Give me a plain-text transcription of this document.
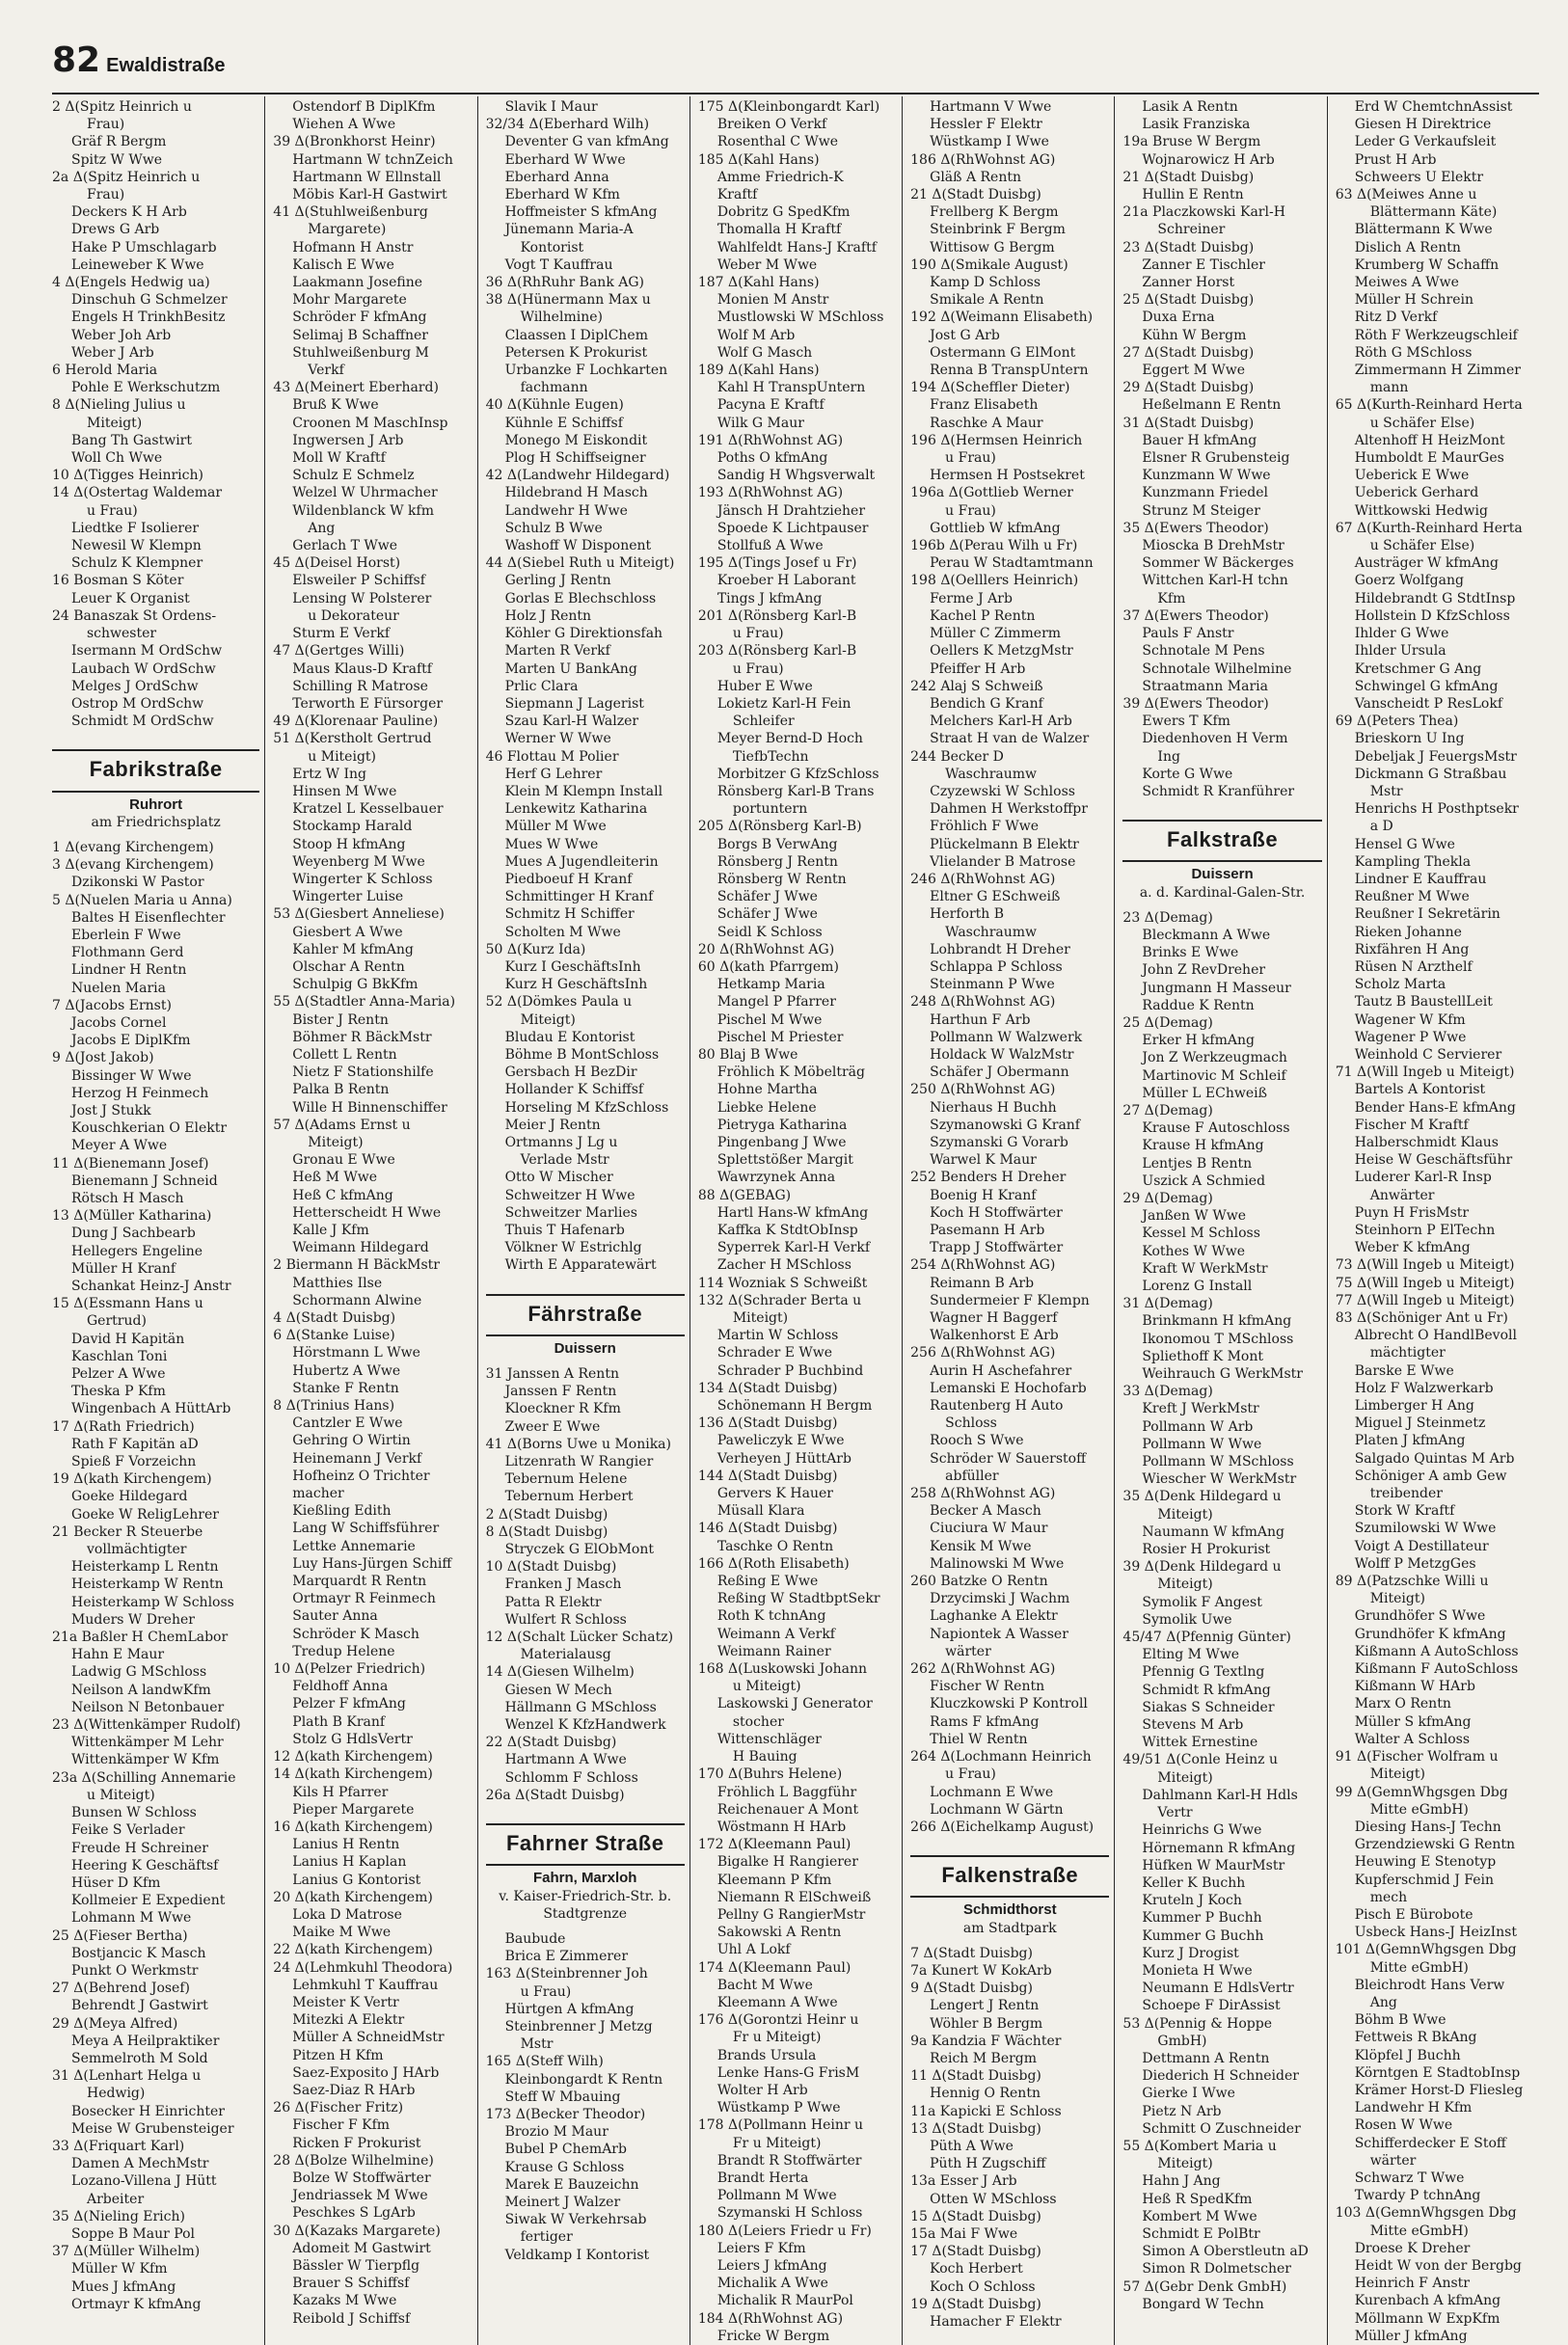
82 Ewaldistraße
2 Δ(Spitz Heinrich u
Frau)
Gräf R Bergm
Spitz W Wwe
2a Δ(Spitz Heinrich u
Frau)
Deckers K H Arb
Drews G Arb
Hake P Umschlagarb
Leineweber K Wwe
4 Δ(Engels Hedwig ua)
Dinschuh G Schmelzer
Engels H TrinkhBesitz
Weber Joh Arb
Weber J Arb
6 Herold Maria
Pohle E Werkschutzm
8 Δ(Nieling Julius u
Miteigt)
Bang Th Gastwirt
Woll Ch Wwe
10 Δ(Tigges Heinrich)
14 Δ(Ostertag Waldemar
u Frau)
Liedtke F Isolierer
Newesil W Klempn
Schulz K Klempner
16 Bosman S Köter
Leuer K Organist
24 Banaszak St Ordens-
schwester
Isermann M OrdSchw
Laubach W OrdSchw
Melges J OrdSchw
Ostrop M OrdSchw
Schmidt M OrdSchw
Fabrikstraße
Ruhrort
am Friedrichsplatz
1 Δ(evang Kirchengem)
3 Δ(evang Kirchengem)
Dzikonski W Pastor
5 Δ(Nuelen Maria u Anna)
Baltes H Eisenflechter
Eberlein F Wwe
Flothmann Gerd
Lindner H Rentn
Nuelen Maria
7 Δ(Jacobs Ernst)
Jacobs Cornel
Jacobs E DiplKfm
9 Δ(Jost Jakob)
Bissinger W Wwe
Herzog H Feinmech
Jost J Stukk
Kouschkerian O Elektr
Meyer A Wwe
11 Δ(Bienemann Josef)
Bienemann J Schneid
Rötsch H Masch
13 Δ(Müller Katharina)
Dung J Sachbearb
Hellegers Engeline
Müller H Kranf
Schankat Heinz-J Anstr
15 Δ(Essmann Hans u
Gertrud)
David H Kapitän
Kaschlan Toni
Pelzer A Wwe
Theska P Kfm
Wingenbach A HüttArb
17 Δ(Rath Friedrich)
Rath F Kapitän aD
Spieß F Vorzeichn
19 Δ(kath Kirchengem)
Goeke Hildegard
Goeke W ReligLehrer
21 Becker R Steuerbe
vollmächtigter
Heisterkamp L Rentn
Heisterkamp W Rentn
Heisterkamp W Schloss
Muders W Dreher
21a Baßler H ChemLabor
Hahn E Maur
Ladwig G MSchloss
Neilson A landwKfm
Neilson N Betonbauer
23 Δ(Wittenkämper Rudolf)
Wittenkämper M Lehr
Wittenkämper W Kfm
23a Δ(Schilling Annemarie
u Miteigt)
Bunsen W Schloss
Feike S Verlader
Freude H Schreiner
Heering K Geschäftsf
Hüser D Kfm
Kollmeier E Expedient
Lohmann M Wwe
25 Δ(Fieser Bertha)
Bostjancic K Masch
Punkt O Werkmstr
27 Δ(Behrend Josef)
Behrendt J Gastwirt
29 Δ(Meya Alfred)
Meya A Heilpraktiker
Semmelroth M Sold
31 Δ(Lenhart Helga u
Hedwig)
Bosecker H Einrichter
Meise W Grubensteiger
33 Δ(Friquart Karl)
Damen A MechMstr
Lozano-Villena J Hütt
Arbeiter
35 Δ(Nieling Erich)
Soppe B Maur Pol
37 Δ(Müller Wilhelm)
Müller W Kfm
Mues J kfmAng
Ortmayr K kfmAng
Ostendorf B DiplKfm
Wiehen A Wwe
39 Δ(Bronkhorst Heinr)
Hartmann W tchnZeich
Hartmann W Ellnstall
Möbis Karl-H Gastwirt
41 Δ(Stuhlweißenburg
Margarete)
Hofmann H Anstr
Kalisch E Wwe
Laakmann Josefine
Mohr Margarete
Schröder F kfmAng
Selimaj B Schaffner
Stuhlweißenburg M
Verkf
43 Δ(Meinert Eberhard)
Bruß K Wwe
Croonen M MaschInsp
Ingwersen J Arb
Moll W Kraftf
Schulz E Schmelz
Welzel W Uhrmacher
Wildenblanck W kfm
Ang
Gerlach T Wwe
45 Δ(Deisel Horst)
Elsweiler P Schiffsf
Lensing W Polsterer
u Dekorateur
Sturm E Verkf
47 Δ(Gertges Willi)
Maus Klaus-D Kraftf
Schilling R Matrose
Terworth E Fürsorger
49 Δ(Klorenaar Pauline)
51 Δ(Kerstholt Gertrud
u Miteigt)
Ertz W Ing
Hinsen M Wwe
Kratzel L Kesselbauer
Stockamp Harald
Stoop H kfmAng
Weyenberg M Wwe
Wingerter K Schloss
Wingerter Luise
53 Δ(Giesbert Anneliese)
Giesbert A Wwe
Kahler M kfmAng
Olschar A Rentn
Schulpig G BkKfm
55 Δ(Stadtler Anna-Maria)
Bister J Rentn
Böhmer R BäckMstr
Collett L Rentn
Nietz F Stationshilfe
Palka B Rentn
Wille H Binnenschiffer
57 Δ(Adams Ernst u
Miteigt)
Gronau E Wwe
Heß M Wwe
Heß C kfmAng
Hetterscheidt H Wwe
Kalle J Kfm
Weimann Hildegard
2 Biermann H BäckMstr
Matthies Ilse
Schormann Alwine
4 Δ(Stadt Duisbg)
6 Δ(Stanke Luise)
Hörstmann L Wwe
Hubertz A Wwe
Stanke F Rentn
8 Δ(Trinius Hans)
Cantzler E Wwe
Gehring O Wirtin
Heinemann J Verkf
Hofheinz O Trichter
macher
Kießling Edith
Lang W Schiffsführer
Lettke Annemarie
Luy Hans-Jürgen Schiff
Marquardt R Rentn
Ortmayr R Feinmech
Sauter Anna
Schröder K Masch
Tredup Helene
10 Δ(Pelzer Friedrich)
Feldhoff Anna
Pelzer F kfmAng
Plath B Kranf
Stolz G HdlsVertr
12 Δ(kath Kirchengem)
14 Δ(kath Kirchengem)
Kils H Pfarrer
Pieper Margarete
16 Δ(kath Kirchengem)
Lanius H Rentn
Lanius H Kaplan
Lanius G Kontorist
20 Δ(kath Kirchengem)
Loka D Matrose
Maike M Wwe
22 Δ(kath Kirchengem)
24 Δ(Lehmkuhl Theodora)
Lehmkuhl T Kauffrau
Meister K Vertr
Mitezki A Elektr
Müller A SchneidMstr
Pitzen H Kfm
Saez-Exposito J HArb
Saez-Diaz R HArb
26 Δ(Fischer Fritz)
Fischer F Kfm
Ricken F Prokurist
28 Δ(Bolze Wilhelmine)
Bolze W Stoffwärter
Jendriassek M Wwe
Peschkes S LgArb
30 Δ(Kazaks Margarete)
Adomeit M Gastwirt
Bässler W Tierpflg
Brauer S Schiffsf
Kazaks M Wwe
Reibold J Schiffsf
Slavik I Maur
32/34 Δ(Eberhard Wilh)
Deventer G van kfmAng
Eberhard W Wwe
Eberhard Anna
Eberhard W Kfm
Hoffmeister S kfmAng
Jünemann Maria-A
Kontorist
Vogt T Kauffrau
36 Δ(RhRuhr Bank AG)
38 Δ(Hünermann Max u
Wilhelmine)
Claassen I DiplChem
Petersen K Prokurist
Urbanzke F Lochkarten
fachmann
40 Δ(Kühnle Eugen)
Kühnle E Schiffsf
Monego M Eiskondit
Plog H Schiffseigner
42 Δ(Landwehr Hildegard)
Hildebrand H Masch
Landwehr H Wwe
Schulz B Wwe
Washoff W Disponent
44 Δ(Siebel Ruth u Miteigt)
Gerling J Rentn
Gorlas E Blechschloss
Holz J Rentn
Köhler G Direktionsfah
Marten R Verkf
Marten U BankAng
Prlic Clara
Siepmann J Lagerist
Szau Karl-H Walzer
Werner W Wwe
46 Flottau M Polier
Herf G Lehrer
Klein M Klempn Install
Lenkewitz Katharina
Müller M Wwe
Mues W Wwe
Mues A Jugendleiterin
Piedboeuf H Kranf
Schmittinger H Kranf
Schmitz H Schiffer
Scholten M Wwe
50 Δ(Kurz Ida)
Kurz I GeschäftsInh
Kurz H GeschäftsInh
52 Δ(Dömkes Paula u
Miteigt)
Bludau E Kontorist
Böhme B MontSchloss
Gersbach H BezDir
Hollander K Schiffsf
Horseling M KfzSchloss
Meier J Rentn
Ortmanns J Lg u
Verlade Mstr
Otto W Mischer
Schweitzer H Wwe
Schweitzer Marlies
Thuis T Hafenarb
Völkner W Estrichlg
Wirth E Apparatewärt
Fährstraße
Duissern
31 Janssen A Rentn
Janssen F Rentn
Kloeckner R Kfm
Zweer E Wwe
41 Δ(Borns Uwe u Monika)
Litzenrath W Rangier
Tebernum Helene
Tebernum Herbert
2 Δ(Stadt Duisbg)
8 Δ(Stadt Duisbg)
Stryczek G ElObMont
10 Δ(Stadt Duisbg)
Franken J Masch
Patta R Elektr
Wulfert R Schloss
12 Δ(Schalt Lücker Schatz)
Materialausg
14 Δ(Giesen Wilhelm)
Giesen W Mech
Hällmann G MSchloss
Wenzel K KfzHandwerk
22 Δ(Stadt Duisbg)
Hartmann A Wwe
Schlomm F Schloss
26a Δ(Stadt Duisbg)
Fahrner Straße
Fahrn, Marxloh
v. Kaiser-Friedrich-Str. b. Stadtgrenze
Baubude
Brica E Zimmerer
163 Δ(Steinbrenner Joh
u Frau)
Hürtgen A kfmAng
Steinbrenner J Metzg
Mstr
165 Δ(Steff Wilh)
Kleinbongardt K Rentn
Steff W Mbauing
173 Δ(Becker Theodor)
Brozio M Maur
Bubel P ChemArb
Krause G Schloss
Marek E Bauzeichn
Meinert J Walzer
Siwak W Verkehrsab
fertiger
Veldkamp I Kontorist
175 Δ(Kleinbongardt Karl)
Breiken O Verkf
Rosenthal C Wwe
185 Δ(Kahl Hans)
Amme Friedrich-K
Kraftf
Dobritz G SpedKfm
Thomalla H Kraftf
Wahlfeldt Hans-J Kraftf
Weber M Wwe
187 Δ(Kahl Hans)
Monien M Anstr
Mustlowski W MSchloss
Wolf M Arb
Wolf G Masch
189 Δ(Kahl Hans)
Kahl H TranspUntern
Pacyna E Kraftf
Wilk G Maur
191 Δ(RhWohnst AG)
Poths O kfmAng
Sandig H Whgsverwalt
193 Δ(RhWohnst AG)
Jänsch H Drahtzieher
Spoede K Lichtpauser
Stollfuß A Wwe
195 Δ(Tings Josef u Fr)
Kroeber H Laborant
Tings J kfmAng
201 Δ(Rönsberg Karl-B
u Frau)
203 Δ(Rönsberg Karl-B
u Frau)
Huber E Wwe
Lokietz Karl-H Fein
Schleifer
Meyer Bernd-D Hoch
TiefbTechn
Morbitzer G KfzSchloss
Rönsberg Karl-B Trans
portuntern
205 Δ(Rönsberg Karl-B)
Borgs B VerwAng
Rönsberg J Rentn
Rönsberg W Rentn
Schäfer J Wwe
Schäfer J Wwe
Seidl K Schloss
20 Δ(RhWohnst AG)
60 Δ(kath Pfarrgem)
Hetkamp Maria
Mangel P Pfarrer
Pischel M Wwe
Pischel M Priester
80 Blaj B Wwe
Fröhlich K Möbelträg
Hohne Martha
Liebke Helene
Pietryga Katharina
Pingenbang J Wwe
Splettstößer Margit
Wawrzynek Anna
88 Δ(GEBAG)
Hartl Hans-W kfmAng
Kaffka K StdtObInsp
Syperrek Karl-H Verkf
Zacher H MSchloss
114 Wozniak S Schweißt
132 Δ(Schrader Berta u
Miteigt)
Martin W Schloss
Schrader E Wwe
Schrader P Buchbind
134 Δ(Stadt Duisbg)
Schönemann H Bergm
136 Δ(Stadt Duisbg)
Paweliczyk E Wwe
Verheyen J HüttArb
144 Δ(Stadt Duisbg)
Gervers K Hauer
Müsall Klara
146 Δ(Stadt Duisbg)
Taschke O Rentn
166 Δ(Roth Elisabeth)
Reßing E Wwe
Reßing W StadtbptSekr
Roth K tchnAng
Weimann A Verkf
Weimann Rainer
168 Δ(Luskowski Johann
u Miteigt)
Laskowski J Generator
stocher
Wittenschläger
H Bauing
170 Δ(Buhrs Helene)
Fröhlich L Baggführ
Reichenauer A Mont
Wöstmann H HArb
172 Δ(Kleemann Paul)
Bigalke H Rangierer
Kleemann P Kfm
Niemann R ElSchweiß
Pellny G RangierMstr
Sakowski A Rentn
Uhl A Lokf
174 Δ(Kleemann Paul)
Bacht M Wwe
Kleemann A Wwe
176 Δ(Gorontzi Heinr u
Fr u Miteigt)
Brands Ursula
Lenke Hans-G FrisM
Wolter H Arb
Wüstkamp P Wwe
178 Δ(Pollmann Heinr u
Fr u Miteigt)
Brandt R Stoffwärter
Brandt Herta
Pollmann M Wwe
Szymanski H Schloss
180 Δ(Leiers Friedr u Fr)
Leiers F Kfm
Leiers J kfmAng
Michalik A Wwe
Michalik R MaurPol
184 Δ(RhWohnst AG)
Fricke W Bergm
Hartmann V Wwe
Hessler F Elektr
Wüstkamp I Wwe
186 Δ(RhWohnst AG)
Gläß A Rentn
21 Δ(Stadt Duisbg)
Frellberg K Bergm
Steinbrink F Bergm
Wittisow G Bergm
190 Δ(Smikale August)
Kamp D Schloss
Smikale A Rentn
192 Δ(Weimann Elisabeth)
Jost G Arb
Ostermann G ElMont
Renna B TranspUntern
194 Δ(Scheffler Dieter)
Franz Elisabeth
Raschke A Maur
196 Δ(Hermsen Heinrich
u Frau)
Hermsen H Postsekret
196a Δ(Gottlieb Werner
u Frau)
Gottlieb W kfmAng
196b Δ(Perau Wilh u Fr)
Perau W Stadtamtmann
198 Δ(Oelllers Heinrich)
Ferme J Arb
Kachel P Rentn
Müller C Zimmerm
Oellers K MetzgMstr
Pfeiffer H Arb
242 Alaj S Schweiß
Bendich G Kranf
Melchers Karl-H Arb
Straat H van de Walzer
244 Becker D
Waschraumw
Czyzewski W Schloss
Dahmen H Werkstoffpr
Fröhlich F Wwe
Plückelmann B Elektr
Vlielander B Matrose
246 Δ(RhWohnst AG)
Eltner G ESchweiß
Herforth B
Waschraumw
Lohbrandt H Dreher
Schlappa P Schloss
Steinmann P Wwe
248 Δ(RhWohnst AG)
Harthun F Arb
Pollmann W Walzwerk
Holdack W WalzMstr
Schäfer J Obermann
250 Δ(RhWohnst AG)
Nierhaus H Buchh
Szymanowski G Kranf
Szymanski G Vorarb
Warwel K Maur
252 Benders H Dreher
Boenig H Kranf
Koch H Stoffwärter
Pasemann H Arb
Trapp J Stoffwärter
254 Δ(RhWohnst AG)
Reimann B Arb
Sundermeier F Klempn
Wagner H Baggerf
Walkenhorst E Arb
256 Δ(RhWohnst AG)
Aurin H Aschefahrer
Lemanski E Hochofarb
Rautenberg H Auto
Schloss
Rooch S Wwe
Schröder W Sauerstoff
abfüller
258 Δ(RhWohnst AG)
Becker A Masch
Ciuciura W Maur
Kensik M Wwe
Malinowski M Wwe
260 Batzke O Rentn
Drzycimski J Wachm
Laghanke A Elektr
Napiontek A Wasser
wärter
262 Δ(RhWohnst AG)
Fischer W Rentn
Kluczkowski P Kontroll
Rams F kfmAng
Thiel W Rentn
264 Δ(Lochmann Heinrich
u Frau)
Lochmann E Wwe
Lochmann W Gärtn
266 Δ(Eichelkamp August)
Falkenstraße
Schmidthorst
am Stadtpark
7 Δ(Stadt Duisbg)
7a Kunert W KokArb
9 Δ(Stadt Duisbg)
Lengert J Rentn
Wöhler B Bergm
9a Kandzia F Wächter
Reich M Bergm
11 Δ(Stadt Duisbg)
Hennig O Rentn
11a Kapicki E Schloss
13 Δ(Stadt Duisbg)
Püth A Wwe
Püth H Zugschiff
13a Esser J Arb
Otten W MSchloss
15 Δ(Stadt Duisbg)
15a Mai F Wwe
17 Δ(Stadt Duisbg)
Koch Herbert
Koch O Schloss
19 Δ(Stadt Duisbg)
Hamacher F Elektr
Lasik A Rentn
Lasik Franziska
19a Bruse W Bergm
Wojnarowicz H Arb
21 Δ(Stadt Duisbg)
Hullin E Rentn
21a Placzkowski Karl-H
Schreiner
23 Δ(Stadt Duisbg)
Zanner E Tischler
Zanner Horst
25 Δ(Stadt Duisbg)
Duxa Erna
Kühn W Bergm
27 Δ(Stadt Duisbg)
Eggert M Wwe
29 Δ(Stadt Duisbg)
Heßelmann E Rentn
31 Δ(Stadt Duisbg)
Bauer H kfmAng
Elsner R Grubensteig
Kunzmann W Wwe
Kunzmann Friedel
Strunz M Steiger
35 Δ(Ewers Theodor)
Mioscka B DrehMstr
Sommer W Bäckerges
Wittchen Karl-H tchn
Kfm
37 Δ(Ewers Theodor)
Pauls F Anstr
Schnotale M Pens
Schnotale Wilhelmine
Straatmann Maria
39 Δ(Ewers Theodor)
Ewers T Kfm
Diedenhoven H Verm
Ing
Korte G Wwe
Schmidt R Kranführer
Falkstraße
Duissern
a. d. Kardinal-Galen-Str.
23 Δ(Demag)
Bleckmann A Wwe
Brinks E Wwe
John Z RevDreher
Jungmann H Masseur
Raddue K Rentn
25 Δ(Demag)
Erker H kfmAng
Jon Z Werkzeugmach
Martinovic M Schleif
Müller L EChweiß
27 Δ(Demag)
Krause F Autoschloss
Krause H kfmAng
Lentjes B Rentn
Uszick A Schmied
29 Δ(Demag)
Janßen W Wwe
Kessel M Schloss
Kothes W Wwe
Kraft W WerkMstr
Lorenz G Install
31 Δ(Demag)
Brinkmann H kfmAng
Ikonomou T MSchloss
Spliethoff K Mont
Weihrauch G WerkMstr
33 Δ(Demag)
Kreft J WerkMstr
Pollmann W Arb
Pollmann W Wwe
Pollmann W MSchloss
Wiescher W WerkMstr
35 Δ(Denk Hildegard u
Miteigt)
Naumann W kfmAng
Rosier H Prokurist
39 Δ(Denk Hildegard u
Miteigt)
Symolik F Angest
Symolik Uwe
45/47 Δ(Pfennig Günter)
Elting M Wwe
Pfennig G Textlng
Schmidt R kfmAng
Siakas S Schneider
Stevens M Arb
Wittek Ernestine
49/51 Δ(Conle Heinz u
Miteigt)
Dahlmann Karl-H Hdls
Vertr
Heinrichs G Wwe
Hörnemann R kfmAng
Hüfken W MaurMstr
Keller K Buchh
Kruteln J Koch
Kummer P Buchh
Kummer G Buchh
Kurz J Drogist
Monieta H Wwe
Neumann E HdlsVertr
Schoepe F DirAssist
53 Δ(Pennig & Hoppe
GmbH)
Dettmann A Rentn
Diederich H Schneider
Gierke I Wwe
Pietz N Arb
Schmitt O Zuschneider
55 Δ(Kombert Maria u
Miteigt)
Hahn J Ang
Heß R SpedKfm
Kombert M Wwe
Schmidt E PolBtr
Simon A Oberstleutn aD
Simon R Dolmetscher
57 Δ(Gebr Denk GmbH)
Bongard W Techn
Erd W ChemtchnAssist
Giesen H Direktrice
Leder G Verkaufsleit
Prust H Arb
Schweers U Elektr
63 Δ(Meiwes Anne u
Blättermann Käte)
Blättermann K Wwe
Dislich A Rentn
Krumberg W Schaffn
Meiwes A Wwe
Müller H Schrein
Ritz D Verkf
Röth F Werkzeugschleif
Röth G MSchloss
Zimmermann H Zimmer
mann
65 Δ(Kurth-Reinhard Herta
u Schäfer Else)
Altenhoff H HeizMont
Humboldt E MaurGes
Ueberick E Wwe
Ueberick Gerhard
Wittkowski Hedwig
67 Δ(Kurth-Reinhard Herta
u Schäfer Else)
Austräger W kfmAng
Goerz Wolfgang
Hildebrandt G StdtInsp
Hollstein D KfzSchloss
Ihlder G Wwe
Ihlder Ursula
Kretschmer G Ang
Schwingel G kfmAng
Vanscheidt P ResLokf
69 Δ(Peters Thea)
Brieskorn U Ing
Debeljak J FeuergsMstr
Dickmann G Straßbau
Mstr
Henrichs H Posthptsekr
a D
Hensel G Wwe
Kampling Thekla
Lindner E Kauffrau
Reußner M Wwe
Reußner I Sekretärin
Rieken Johanne
Rixfähren H Ang
Rüsen N Arzthelf
Scholz Marta
Tautz B BaustellLeit
Wagener W Kfm
Wagener P Wwe
Weinhold C Servierer
71 Δ(Will Ingeb u Miteigt)
Bartels A Kontorist
Bender Hans-E kfmAng
Fischer M Kraftf
Halberschmidt Klaus
Heise W Geschäftsführ
Luderer Karl-R Insp
Anwärter
Puyn H FrisMstr
Steinhorn P ElTechn
Weber K kfmAng
73 Δ(Will Ingeb u Miteigt)
75 Δ(Will Ingeb u Miteigt)
77 Δ(Will Ingeb u Miteigt)
83 Δ(Schöniger Ant u Fr)
Albrecht O HandlBevoll
mächtigter
Barske E Wwe
Holz F Walzwerkarb
Limberger H Ang
Miguel J Steinmetz
Platen J kfmAng
Salgado Quintas M Arb
Schöniger A amb Gew
treibender
Stork W Kraftf
Szumilowski W Wwe
Voigt A Destillateur
Wolff P MetzgGes
89 Δ(Patzschke Willi u
Miteigt)
Grundhöfer S Wwe
Grundhöfer K kfmAng
Kißmann A AutoSchloss
Kißmann F AutoSchloss
Kißmann W HArb
Marx O Rentn
Müller S kfmAng
Walter A Schloss
91 Δ(Fischer Wolfram u
Miteigt)
99 Δ(GemnWhgsgen Dbg
Mitte eGmbH)
Diesing Hans-J Techn
Grzendziewski G Rentn
Heuwing E Stenotyp
Kupferschmid J Fein
mech
Pisch E Bürobote
Usbeck Hans-J HeizInst
101 Δ(GemnWhgsgen Dbg
Mitte eGmbH)
Bleichrodt Hans Verw
Ang
Böhm B Wwe
Fettweis R BkAng
Klöpfel J Buchh
Körntgen E StadtobInsp
Krämer Horst-D Fliesleg
Landwehr H Kfm
Rosen W Wwe
Schifferdecker E Stoff
wärter
Schwarz T Wwe
Twardy P tchnAng
103 Δ(GemnWhgsgen Dbg
Mitte eGmbH)
Droese K Dreher
Heidt W von der Bergbg
Heinrich F Anstr
Kurenbach A kfmAng
Möllmann W ExpKfm
Müller J kfmAng
